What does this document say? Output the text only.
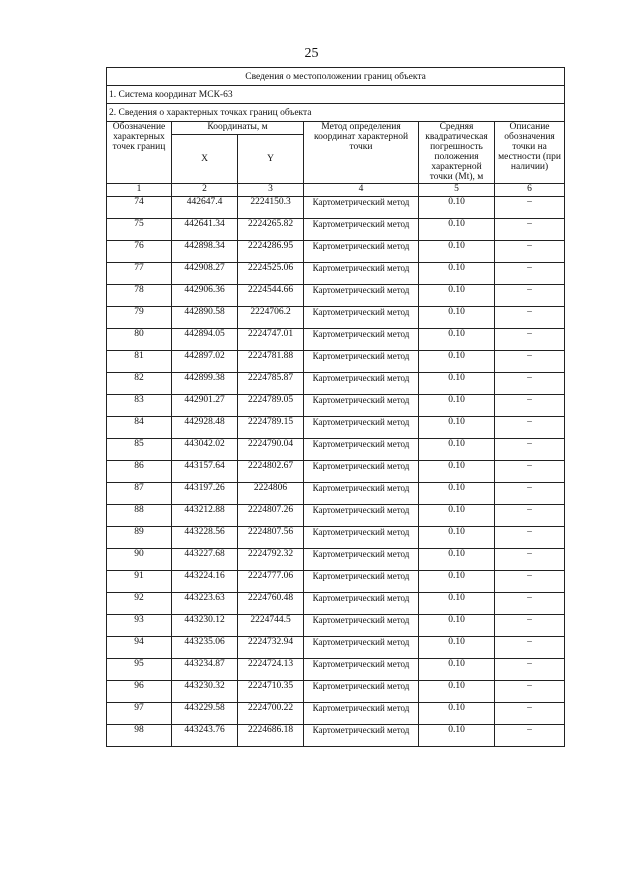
25
Сведения о местоположении границ объекта					
1. Система координат МСК-63					
2. Сведения о характерных точках границ объекта					
Обозначение характерных точек границ	Координаты, м		Метод определения координат характерной точки	Средняя квадратическая погрешность положения характерной точки (Mt), м	Описание обозначения точки на местности (при наличии)
	X	Y			
1	2	3	4	5	6
74	442647.4	2224150.3	Картометрический метод	0.10	–
75	442641.34	2224265.82	Картометрический метод	0.10	–
76	442898.34	2224286.95	Картометрический метод	0.10	–
77	442908.27	2224525.06	Картометрический метод	0.10	–
78	442906.36	2224544.66	Картометрический метод	0.10	–
79	442890.58	2224706.2	Картометрический метод	0.10	–
80	442894.05	2224747.01	Картометрический метод	0.10	–
81	442897.02	2224781.88	Картометрический метод	0.10	–
82	442899.38	2224785.87	Картометрический метод	0.10	–
83	442901.27	2224789.05	Картометрический метод	0.10	–
84	442928.48	2224789.15	Картометрический метод	0.10	–
85	443042.02	2224790.04	Картометрический метод	0.10	–
86	443157.64	2224802.67	Картометрический метод	0.10	–
87	443197.26	2224806	Картометрический метод	0.10	–
88	443212.88	2224807.26	Картометрический метод	0.10	–
89	443228.56	2224807.56	Картометрический метод	0.10	–
90	443227.68	2224792.32	Картометрический метод	0.10	–
91	443224.16	2224777.06	Картометрический метод	0.10	–
92	443223.63	2224760.48	Картометрический метод	0.10	–
93	443230.12	2224744.5	Картометрический метод	0.10	–
94	443235.06	2224732.94	Картометрический метод	0.10	–
95	443234.87	2224724.13	Картометрический метод	0.10	–
96	443230.32	2224710.35	Картометрический метод	0.10	–
97	443229.58	2224700.22	Картометрический метод	0.10	–
98	443243.76	2224686.18	Картометрический метод	0.10	–
